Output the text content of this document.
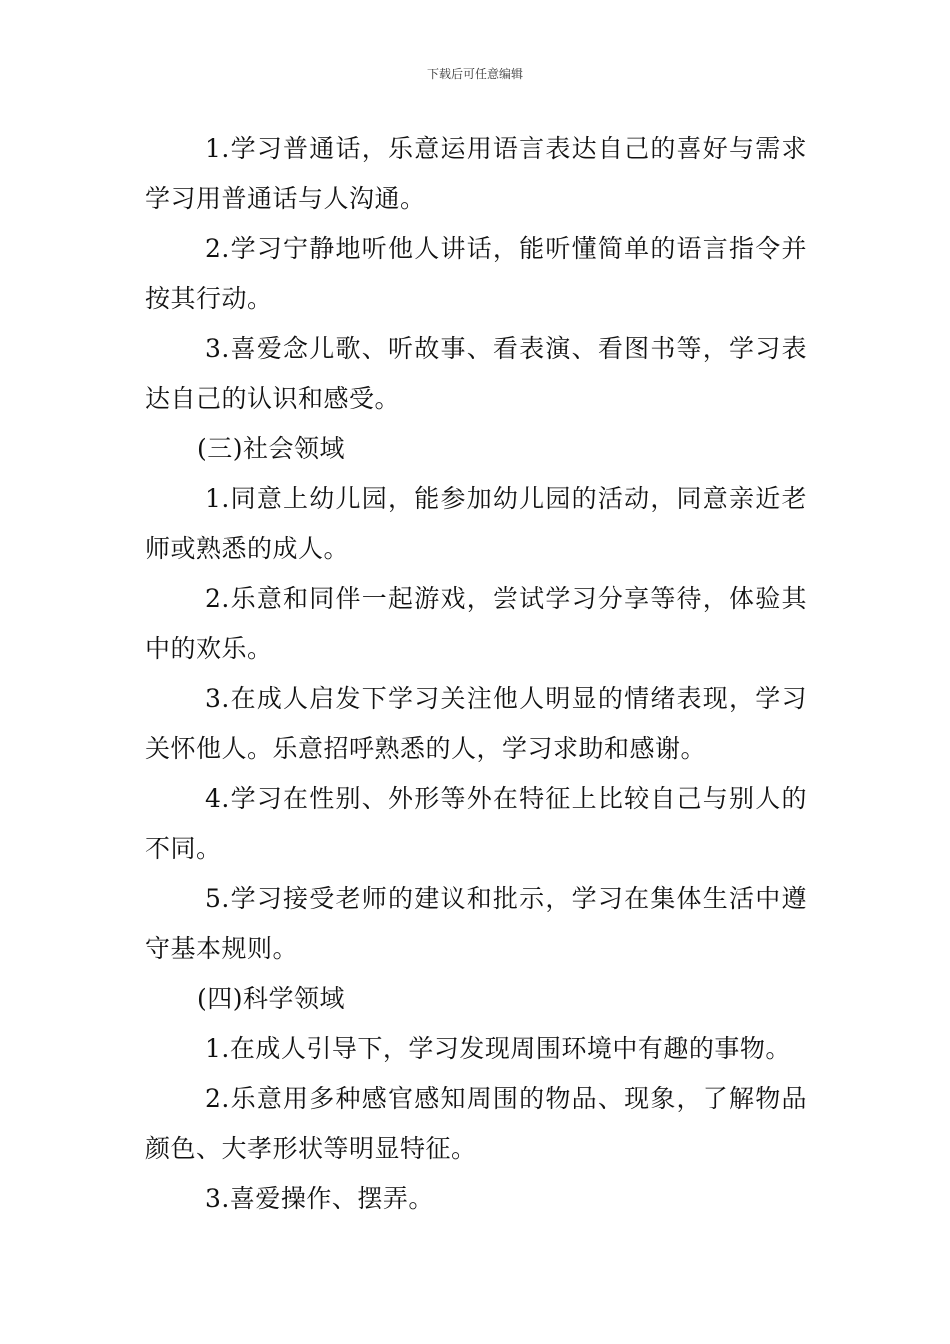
下载后可任意编辑

1.学习普通话，乐意运用语言表达自己的喜好与需求学习用普通话与人沟通。

2.学习宁静地听他人讲话，能听懂简单的语言指令并按其行动。

3.喜爱念儿歌、听故事、看表演、看图书等，学习表达自己的认识和感受。

(三)社会领域

1.同意上幼儿园，能参加幼儿园的活动，同意亲近老师或熟悉的成人。

2.乐意和同伴一起游戏，尝试学习分享等待，体验其中的欢乐。

3.在成人启发下学习关注他人明显的情绪表现，学习关怀他人。乐意招呼熟悉的人，学习求助和感谢。

4.学习在性别、外形等外在特征上比较自己与别人的不同。

5.学习接受老师的建议和批示，学习在集体生活中遵守基本规则。

(四)科学领域

1.在成人引导下，学习发现周围环境中有趣的事物。

2.乐意用多种感官感知周围的物品、现象，了解物品颜色、大孝形状等明显特征。

3.喜爱操作、摆弄。
